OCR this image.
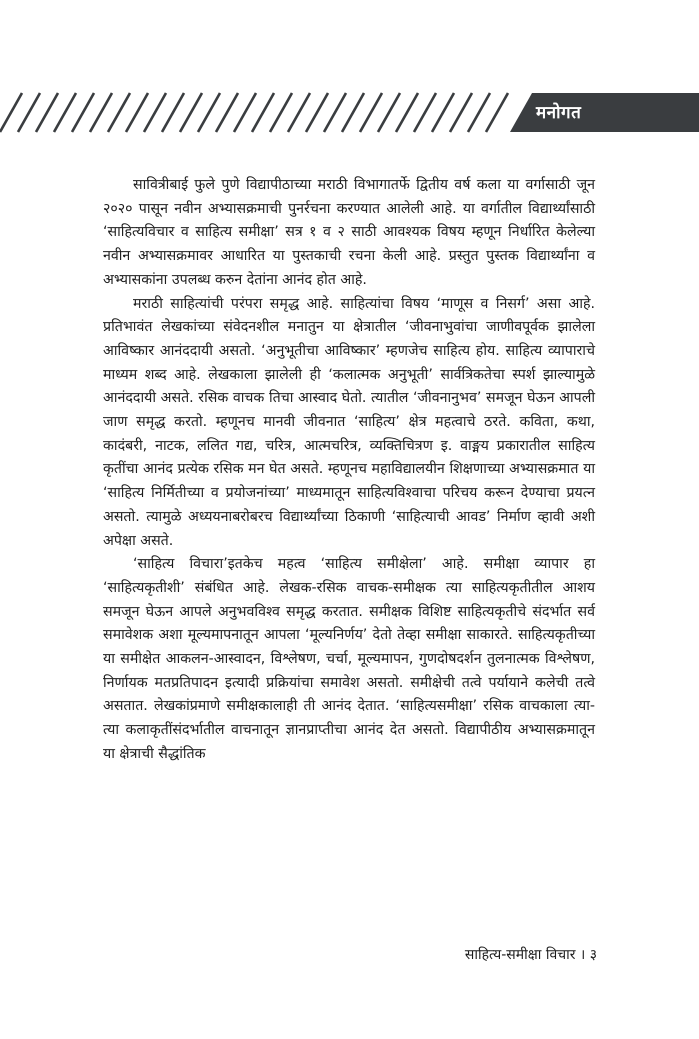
मनोगत

सावित्रीबाई फुले पुणे विद्यापीठाच्या मराठी विभागातर्फे द्वितीय वर्ष कला या वर्गासाठी जून २०२० पासून नवीन अभ्यासक्रमाची पुनर्रचना करण्यात आलेली आहे. या वर्गातील विद्यार्थ्यांसाठी ‘साहित्यविचार व साहित्य समीक्षा’ सत्र १ व २ साठी आवश्यक विषय म्हणून निर्धारित केलेल्या नवीन अभ्यासक्रमावर आधारित या पुस्तकाची रचना केली आहे. प्रस्तुत पुस्तक विद्यार्थ्यांना व अभ्यासकांना उपलब्ध करुन देतांना आनंद होत आहे.

मराठी साहित्यांची परंपरा समृद्ध आहे. साहित्यांचा विषय ‘माणूस व निसर्ग’ असा आहे. प्रतिभावंत लेखकांच्या संवेदनशील मनातुन या क्षेत्रातील ‘जीवनाभुवांचा जाणीवपूर्वक झालेला आविष्कार आनंददायी असतो. ‘अनुभूतीचा आविष्कार’ म्हणजेच साहित्य होय. साहित्य व्यापाराचे माध्यम शब्द आहे. लेखकाला झालेली ही ‘कलात्मक अनुभूती’ सार्वत्रिकतेचा स्पर्श झाल्यामुळे आनंददायी असते. रसिक वाचक तिचा आस्वाद घेतो. त्यातील ‘जीवनानुभव’ समजून घेऊन आपली जाण समृद्ध करतो. म्हणूनच मानवी जीवनात ‘साहित्य’ क्षेत्र महत्वाचे ठरते. कविता, कथा, कादंबरी, नाटक, ललित गद्य, चरित्र, आत्मचरित्र, व्यक्तिचित्रण इ. वाङ्मय प्रकारातील साहित्य कृतींचा आनंद प्रत्येक रसिक मन घेत असते. म्हणूनच महाविद्यालयीन शिक्षणाच्या अभ्यासक्रमात या ‘साहित्य निर्मितीच्या व प्रयोजनांच्या’ माध्यमातून साहित्यविश्वाचा परिचय करून देण्याचा प्रयत्न असतो. त्यामुळे अध्ययनाबरोबरच विद्यार्थ्यांच्या ठिकाणी ‘साहित्याची आवड’ निर्माण व्हावी अशी अपेक्षा असते.

‘साहित्य विचारा’इतकेच महत्व ‘साहित्य समीक्षेला’ आहे. समीक्षा व्यापार हा ‘साहित्यकृतीशी’ संबंधित आहे. लेखक-रसिक वाचक-समीक्षक त्या साहित्यकृतीतील आशय समजून घेऊन आपले अनुभवविश्व समृद्ध करतात. समीक्षक विशिष्ट साहित्यकृतीचे संदर्भात सर्व समावेशक अशा मूल्यमापनातून आपला ‘मूल्यनिर्णय’ देतो तेव्हा समीक्षा साकारते. साहित्यकृतीच्या या समीक्षेत आकलन-आस्वादन, विश्लेषण, चर्चा, मूल्यमापन, गुणदोषदर्शन तुलनात्मक विश्लेषण, निर्णायक मतप्रतिपादन इत्यादी प्रक्रियांचा समावेश असतो. समीक्षेची तत्वे पर्यायाने कलेची तत्वे असतात. लेखकांप्रमाणे समीक्षकालाही ती आनंद देतात. ‘साहित्यसमीक्षा’ रसिक वाचकाला त्या-त्या कलाकृतींसंदर्भातील वाचनातून ज्ञानप्राप्तीचा आनंद देत असतो. विद्यापीठीय अभ्यासक्रमातून या क्षेत्राची सैद्धांतिक

साहित्य-समीक्षा विचार । ३
